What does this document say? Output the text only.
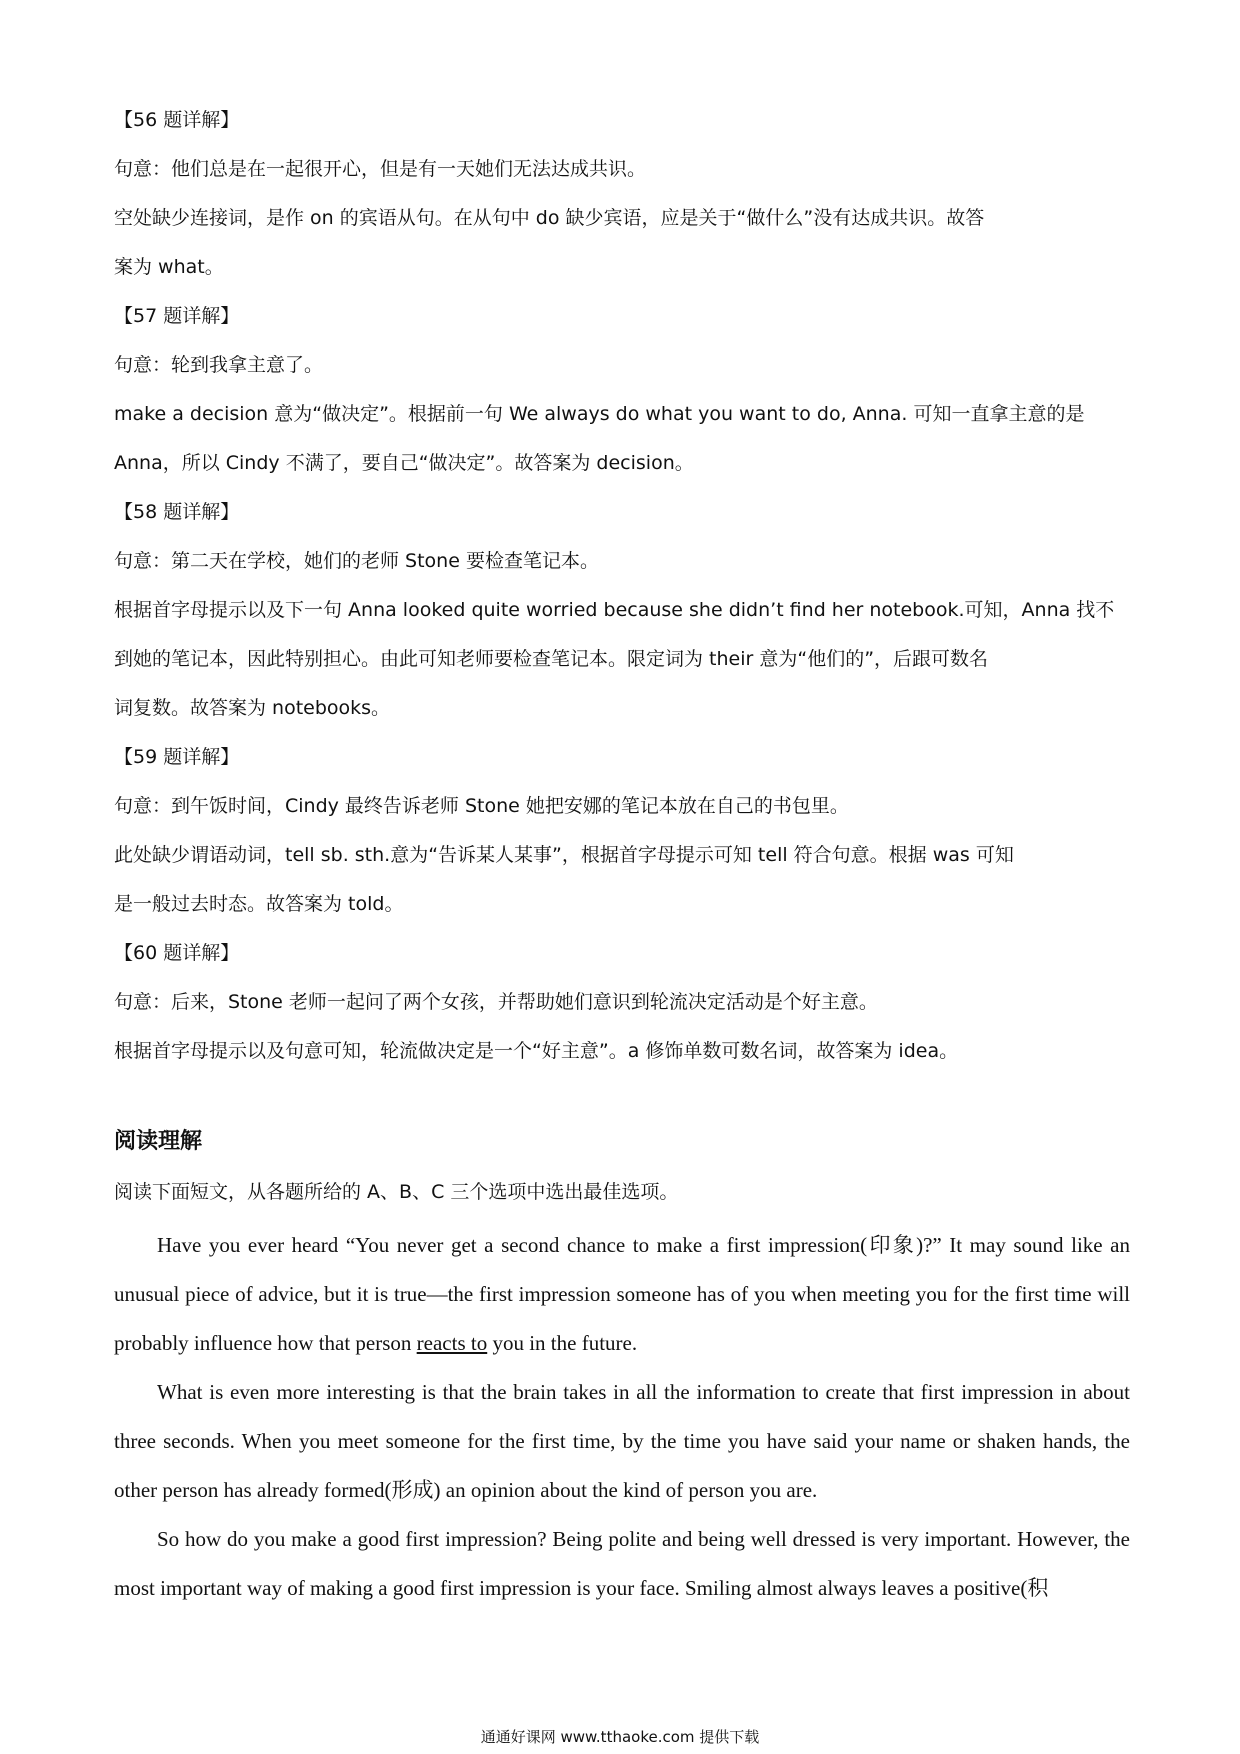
【56 题详解】

句意：他们总是在一起很开心，但是有一天她们无法达成共识。

空处缺少连接词，是作 on 的宾语从句。在从句中 do 缺少宾语，应是关于“做什么”没有达成共识。故答

案为 what。

【57 题详解】

句意：轮到我拿主意了。

make a decision 意为“做决定”。根据前一句 We always do what you want to do, Anna. 可知一直拿主意的是

Anna，所以 Cindy 不满了，要自己“做决定”。故答案为 decision。

【58 题详解】

句意：第二天在学校，她们的老师 Stone 要检查笔记本。

根据首字母提示以及下一句 Anna looked quite worried because she didn’t find her notebook.可知，Anna 找不

到她的笔记本，因此特别担心。由此可知老师要检查笔记本。限定词为 their 意为“他们的”，后跟可数名

词复数。故答案为 notebooks。

【59 题详解】

句意：到午饭时间，Cindy 最终告诉老师 Stone 她把安娜的笔记本放在自己的书包里。

此处缺少谓语动词，tell sb. sth.意为“告诉某人某事”，根据首字母提示可知 tell 符合句意。根据 was 可知

是一般过去时态。故答案为 told。

【60 题详解】

句意：后来，Stone 老师一起问了两个女孩，并帮助她们意识到轮流决定活动是个好主意。

根据首字母提示以及句意可知，轮流做决定是一个“好主意”。a 修饰单数可数名词，故答案为 idea。

阅读理解

阅读下面短文，从各题所给的 A、B、C 三个选项中选出最佳选项。

Have you ever heard “You never get a second chance to make a first impression(印象)?” It may sound like an unusual piece of advice, but it is true—the first impression someone has of you when meeting you for the first time will probably influence how that person reacts to you in the future.

What is even more interesting is that the brain takes in all the information to create that first impression in about three seconds. When you meet someone for the first time, by the time you have said your name or shaken hands, the other person has already formed(形成) an opinion about the kind of person you are.

So how do you make a good first impression? Being polite and being well dressed is very important. However, the most important way of making a good first impression is your face. Smiling almost always leaves a positive(积

通通好课网 www.tthaoke.com 提供下载
